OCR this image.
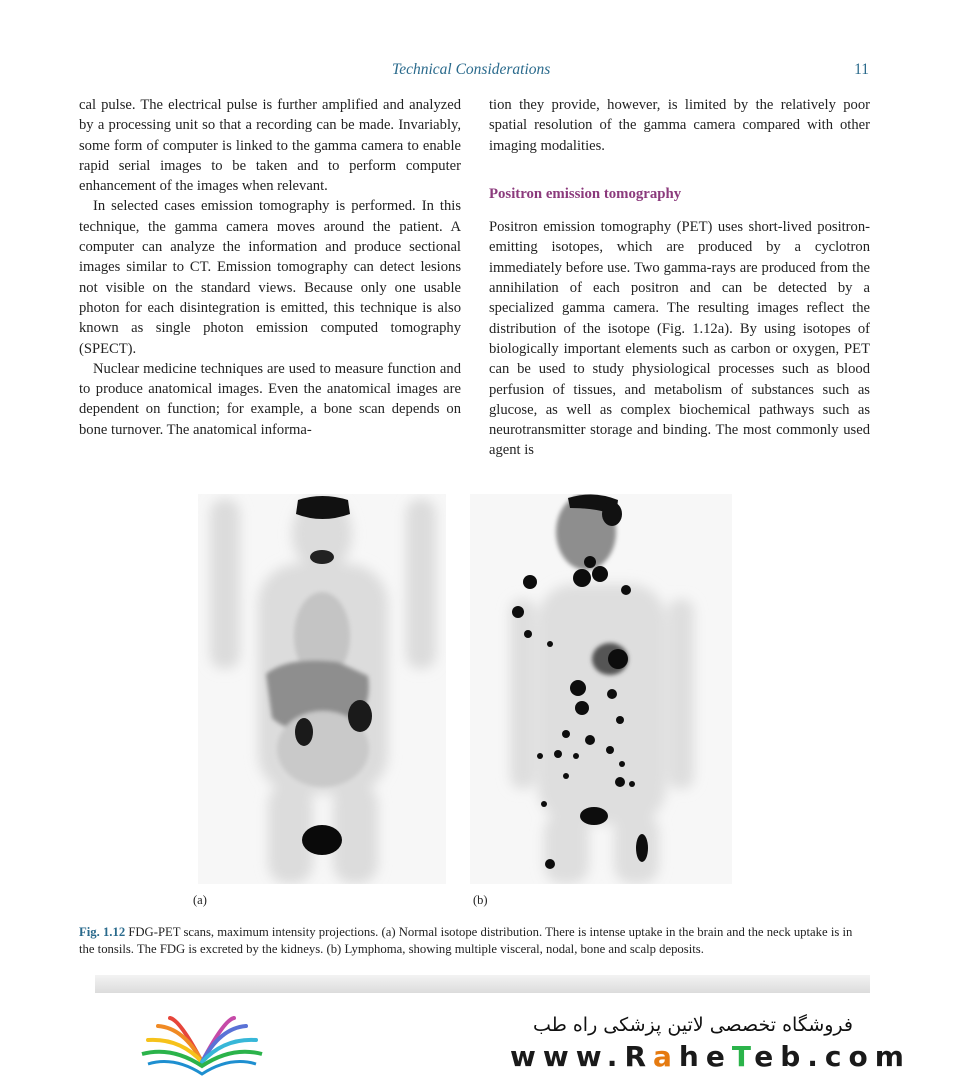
Technical Considerations	11

cal pulse. The electrical pulse is further amplified and analyzed by a processing unit so that a recording can be made. Invariably, some form of computer is linked to the gamma camera to enable rapid serial images to be taken and to perform computer enhancement of the images when relevant.

In selected cases emission tomography is performed. In this technique, the gamma camera moves around the patient. A computer can analyze the information and produce sectional images similar to CT. Emission tomography can detect lesions not visible on the standard views. Because only one usable photon for each disintegration is emitted, this technique is also known as single photon emission computed tomography (SPECT).

Nuclear medicine techniques are used to measure function and to produce anatomical images. Even the anatomical images are dependent on function; for example, a bone scan depends on bone turnover. The anatomical informa-

tion they provide, however, is limited by the relatively poor spatial resolution of the gamma camera compared with other imaging modalities.

Positron emission tomography

Positron emission tomography (PET) uses short-lived positron-emitting isotopes, which are produced by a cyclotron immediately before use. Two gamma-rays are produced from the annihilation of each positron and can be detected by a specialized gamma camera. The resulting images reflect the distribution of the isotope (Fig. 1.12a). By using isotopes of biologically important elements such as carbon or oxygen, PET can be used to study physiological processes such as blood perfusion of tissues, and metabolism of substances such as glucose, as well as complex biochemical pathways such as neurotransmitter storage and binding. The most commonly used agent is

(a)	(b)
Fig. 1.12 FDG-PET scans, maximum intensity projections. (a) Normal isotope distribution. There is intense uptake in the brain and the neck uptake is in the tonsils. The FDG is excreted by the kidneys. (b) Lymphoma, showing multiple visceral, nodal, bone and scalp deposits.
فروشگاه تخصصی لاتین پزشکی راه طب
www.RaheTeb.com
